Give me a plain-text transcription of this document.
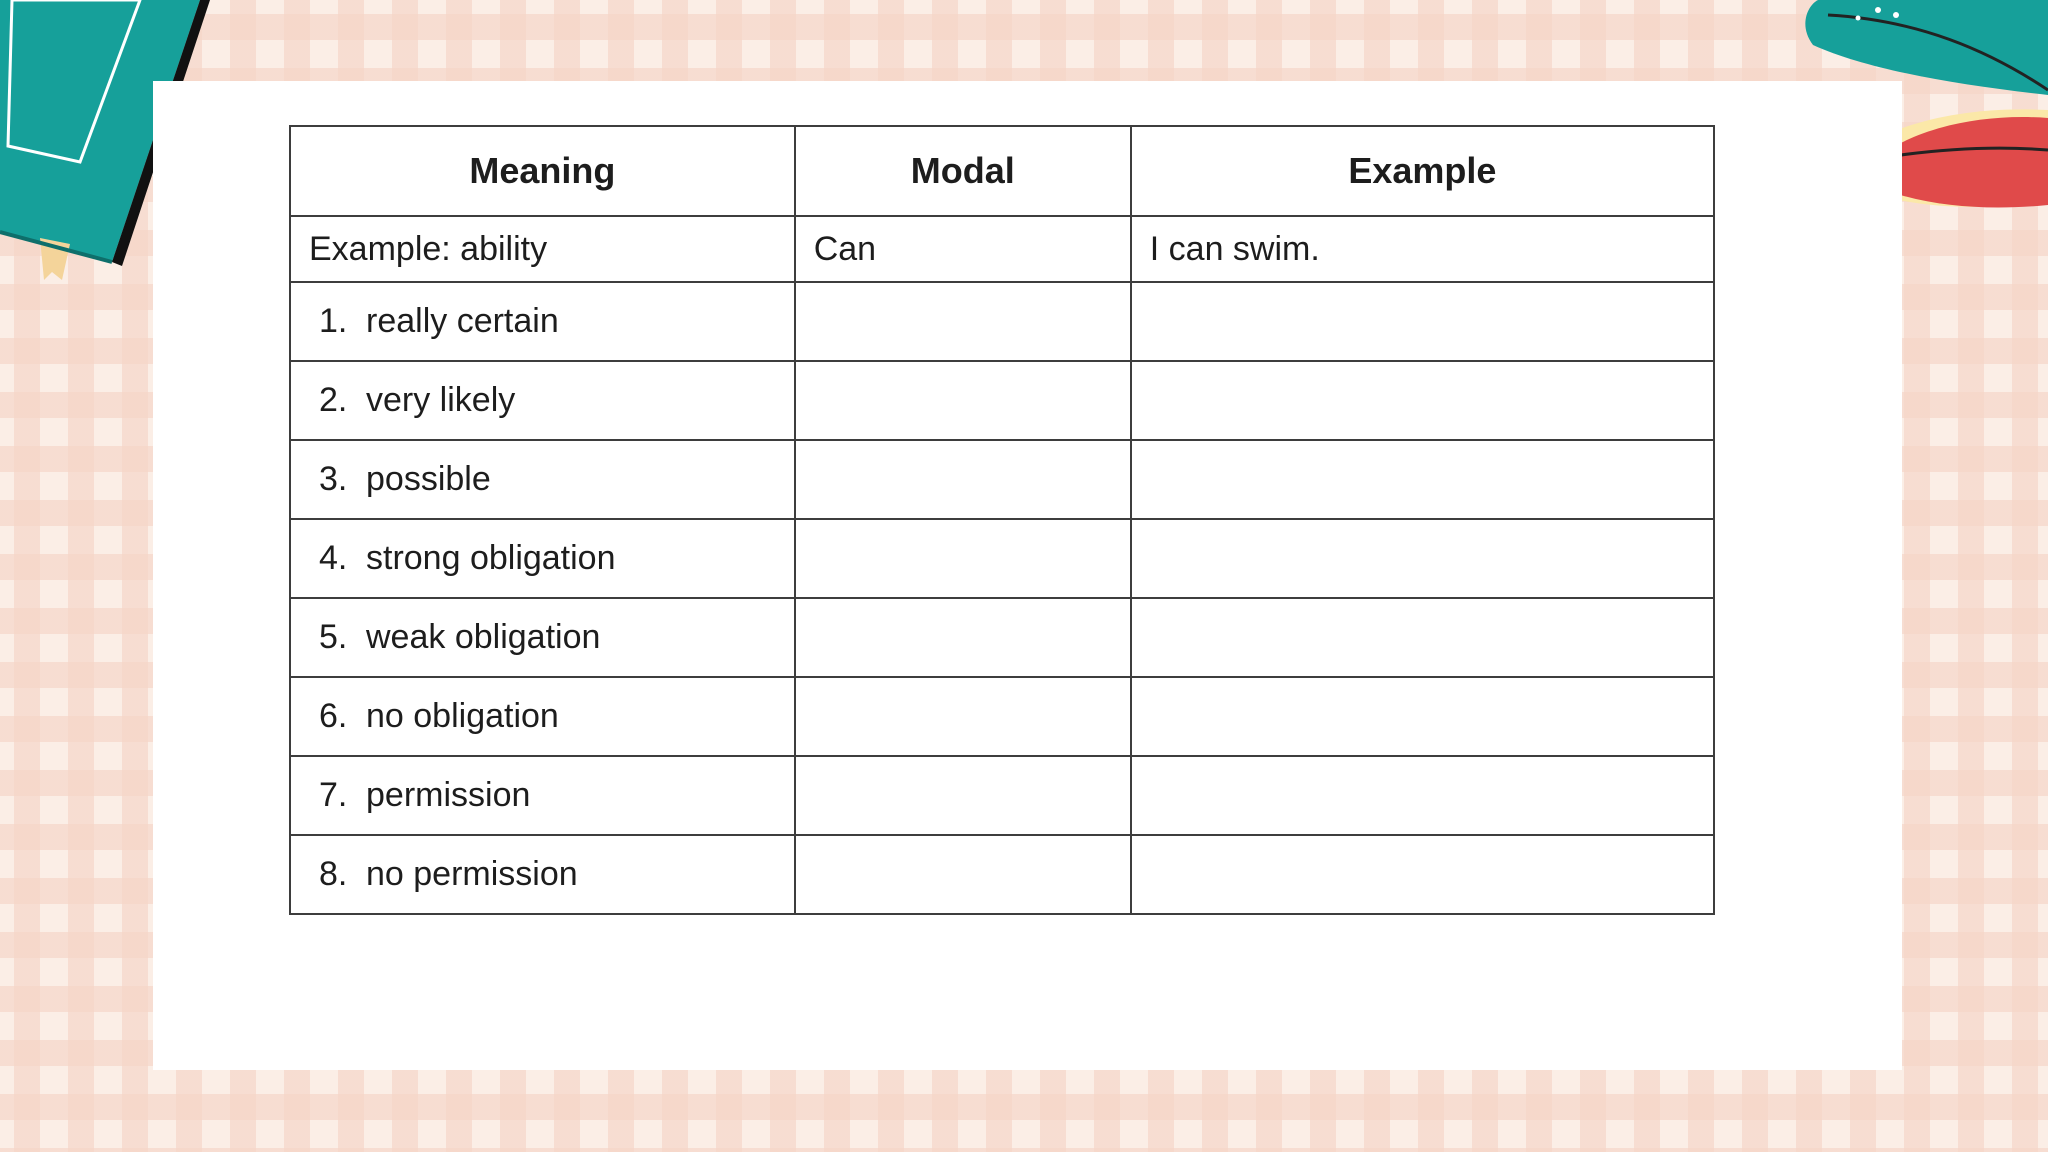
Meaning	Modal	Example
Example: ability	Can	I can swim.
1. really certain		
2. very likely		
3. possible		
4. strong obligation		
5. weak obligation		
6. no obligation		
7. permission		
8. no permission		
